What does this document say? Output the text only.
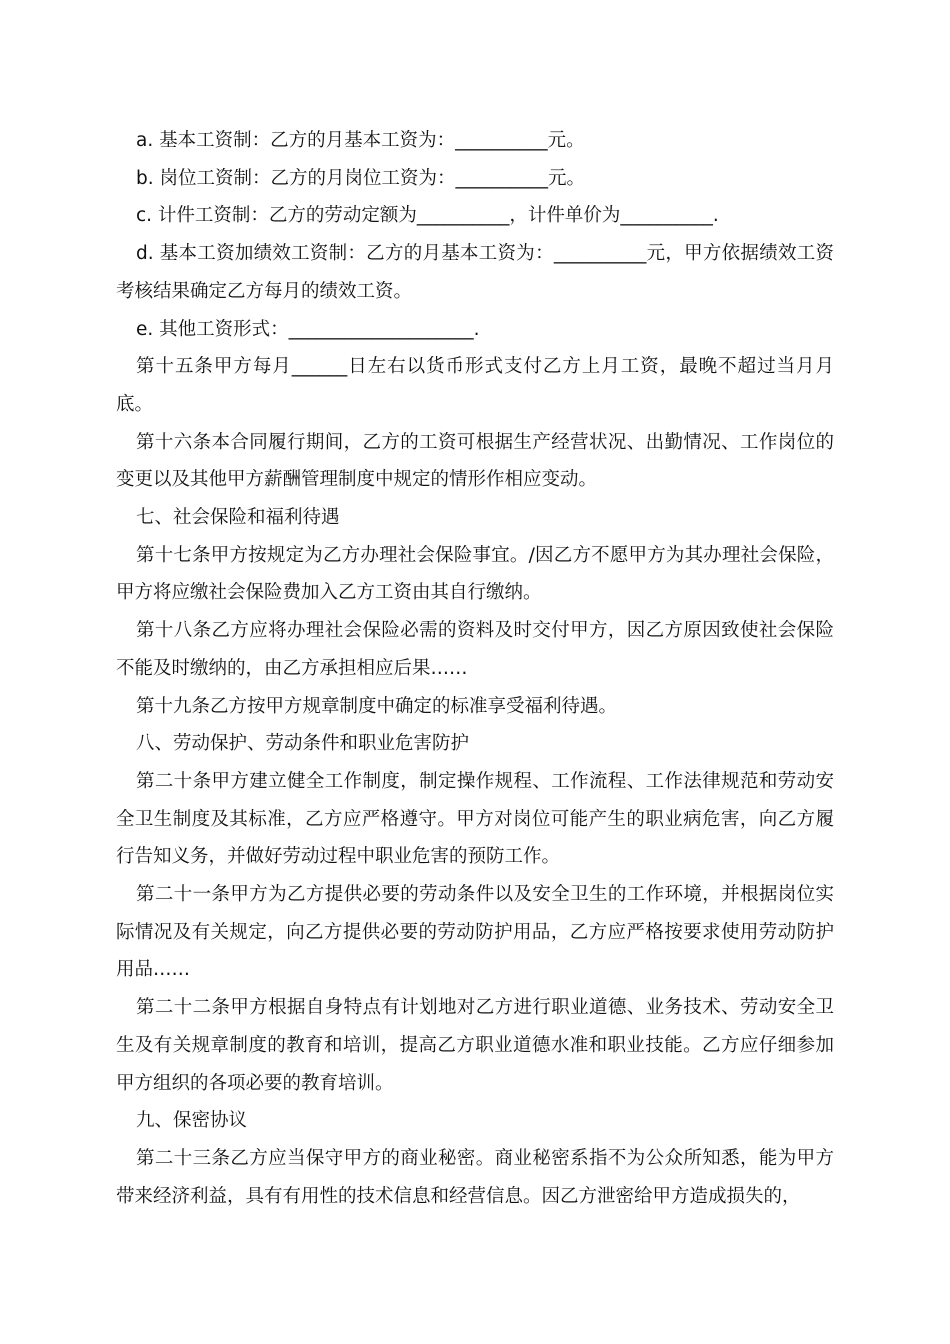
a. 基本工资制：乙方的月基本工资为：__________元。

b. 岗位工资制：乙方的月岗位工资为：__________元。

c. 计件工资制：乙方的劳动定额为__________，计件单价为__________.

d. 基本工资加绩效工资制：乙方的月基本工资为：__________元，甲方依据绩效工资考核结果确定乙方每月的绩效工资。

e. 其他工资形式：____________________.

第十五条甲方每月______日左右以货币形式支付乙方上月工资，最晚不超过当月月底。

第十六条本合同履行期间，乙方的工资可根据生产经营状况、出勤情况、工作岗位的变更以及其他甲方薪酬管理制度中规定的情形作相应变动。

七、社会保险和福利待遇

第十七条甲方按规定为乙方办理社会保险事宜。/因乙方不愿甲方为其办理社会保险，甲方将应缴社会保险费加入乙方工资由其自行缴纳。

第十八条乙方应将办理社会保险必需的资料及时交付甲方，因乙方原因致使社会保险不能及时缴纳的，由乙方承担相应后果……

第十九条乙方按甲方规章制度中确定的标准享受福利待遇。

八、劳动保护、劳动条件和职业危害防护

第二十条甲方建立健全工作制度，制定操作规程、工作流程、工作法律规范和劳动安全卫生制度及其标准，乙方应严格遵守。甲方对岗位可能产生的职业病危害，向乙方履行告知义务，并做好劳动过程中职业危害的预防工作。

第二十一条甲方为乙方提供必要的劳动条件以及安全卫生的工作环境，并根据岗位实际情况及有关规定，向乙方提供必要的劳动防护用品，乙方应严格按要求使用劳动防护用品……

第二十二条甲方根据自身特点有计划地对乙方进行职业道德、业务技术、劳动安全卫生及有关规章制度的教育和培训，提高乙方职业道德水准和职业技能。乙方应仔细参加甲方组织的各项必要的教育培训。

九、保密协议

第二十三条乙方应当保守甲方的商业秘密。商业秘密系指不为公众所知悉，能为甲方带来经济利益，具有有用性的技术信息和经营信息。因乙方泄密给甲方造成损失的，
